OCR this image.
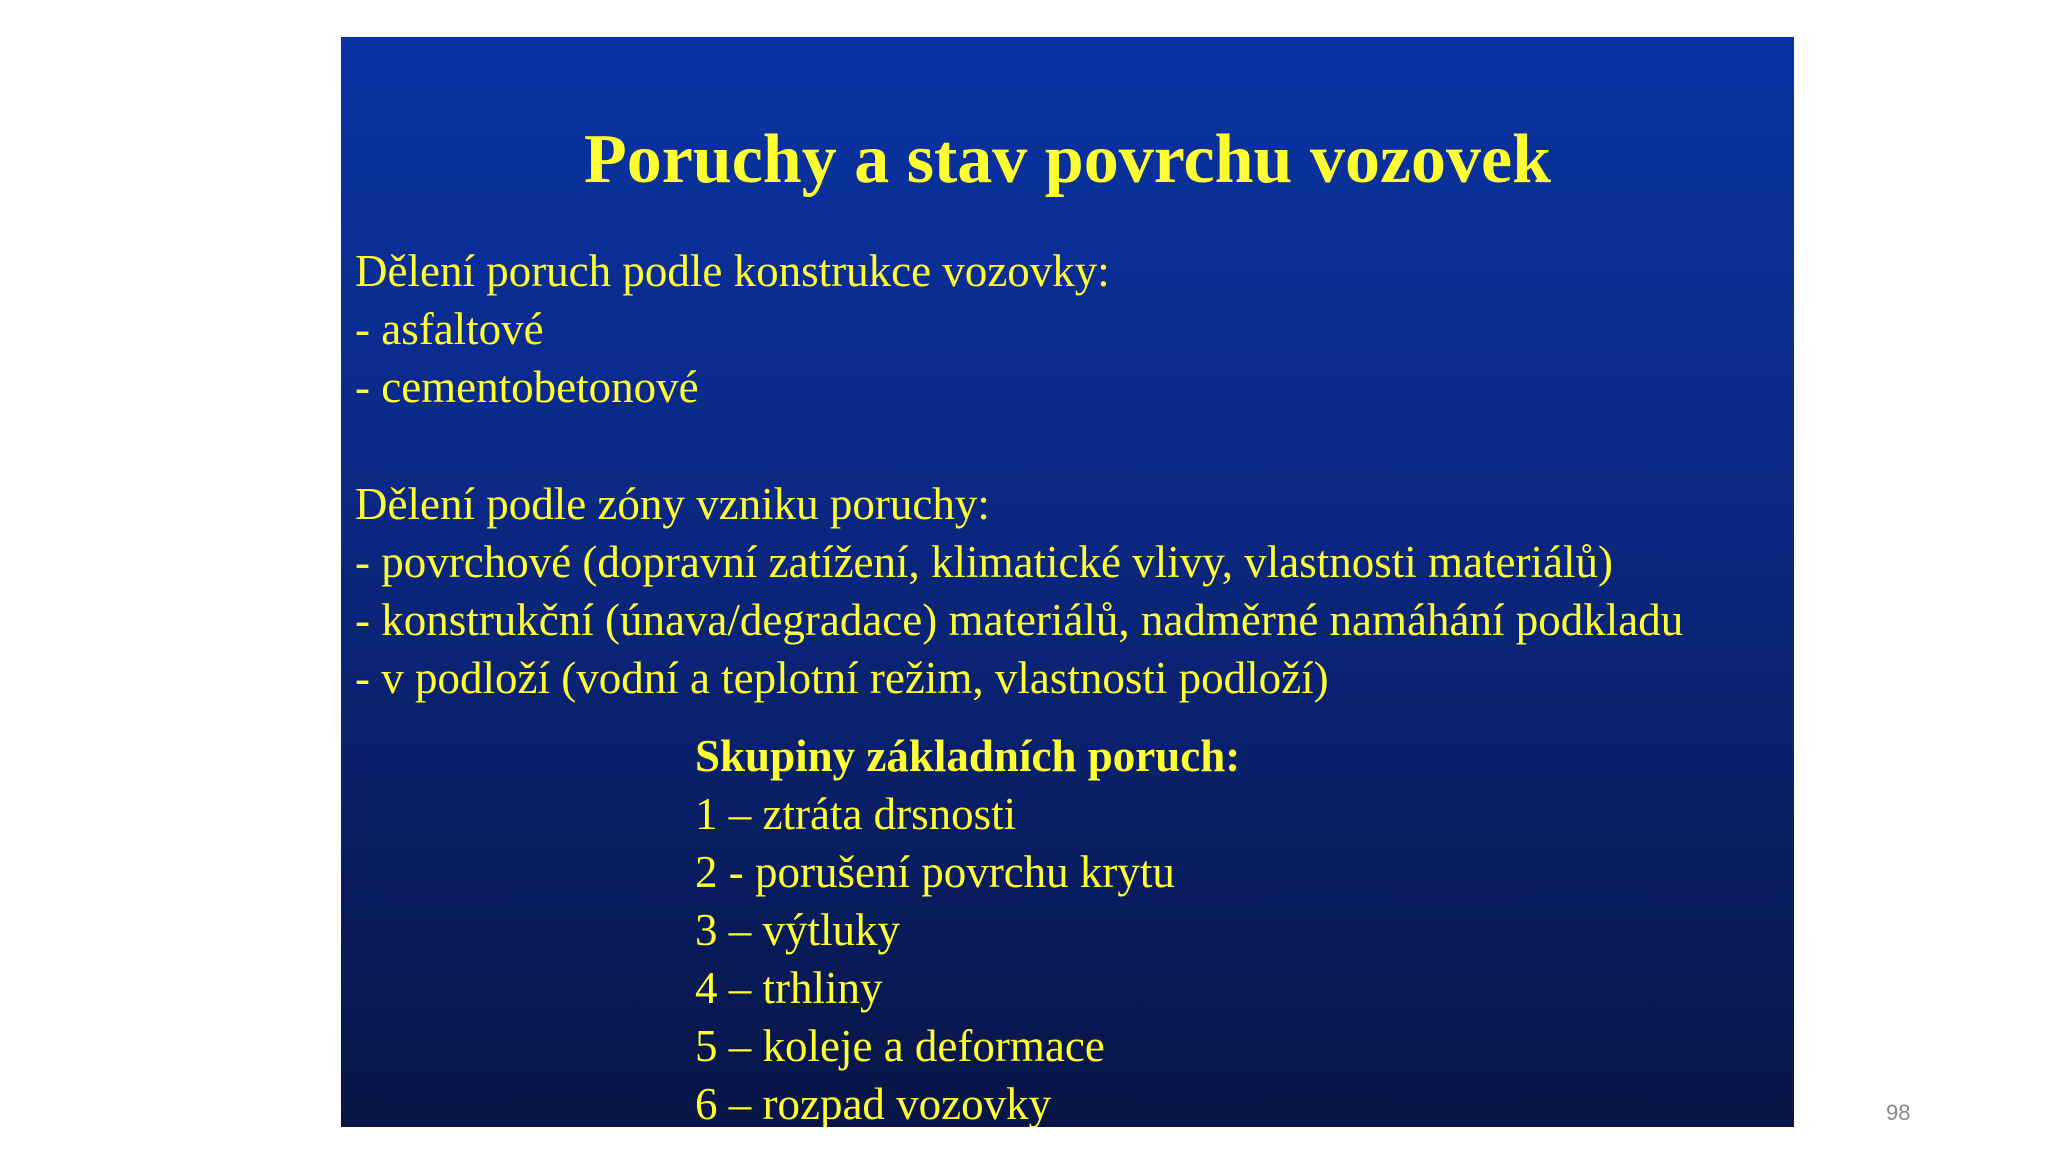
Poruchy a stav povrchu vozovek
Dělení poruch podle konstrukce vozovky:
- asfaltové
- cementobetonové
Dělení podle zóny vzniku poruchy:
- povrchové (dopravní zatížení, klimatické vlivy, vlastnosti materiálů)
- konstrukční (únava/degradace) materiálů, nadměrné namáhání podkladu
- v podloží (vodní a teplotní režim, vlastnosti podloží)
Skupiny základních poruch:
1 – ztráta drsnosti
2 - porušení povrchu krytu
3 – výtluky
4 – trhliny
5 – koleje a deformace
6 – rozpad vozovky	98
